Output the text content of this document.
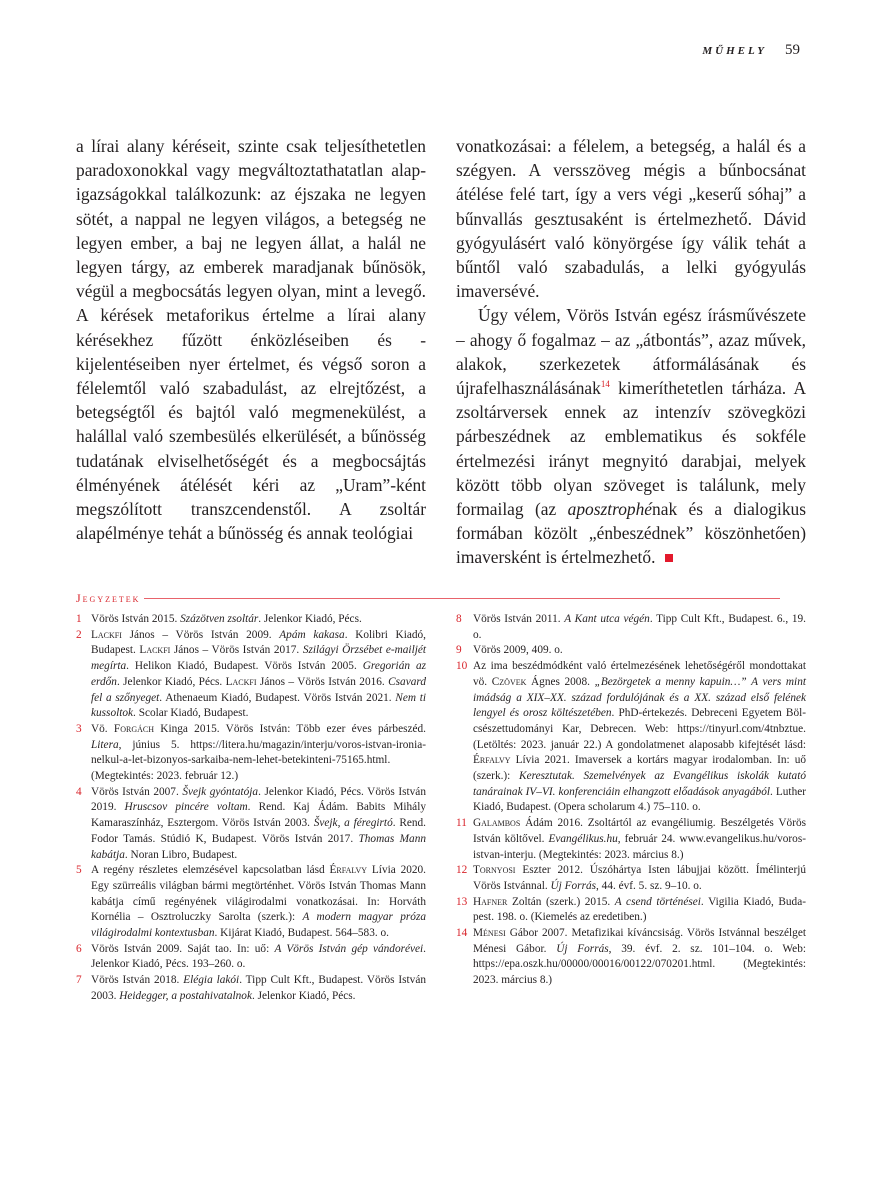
MŰHELY 59

a lírai alany kéréseit, szinte csak teljesíthetetlen paradoxonokkal vagy megváltoztathatatlan alapigazságokkal találkozunk: az éjszaka ne legyen sötét, a nappal ne legyen világos, a betegség ne legyen ember, a baj ne legyen állat, a halál ne legyen tárgy, az emberek maradjanak bűnösök, végül a megbocsátás legyen olyan, mint a levegő. A kérések metaforikus értelme a lírai alany kérésekhez fűzött énközléseiben és -kijelentéseiben nyer értelmet, és végső soron a félelemtől való szabadulást, az elrejtőzést, a betegségtől és bajtól való megmenekülést, a halállal való szembesülés elkerülését, a bűnösség tudatának elviselhetőségét és a megbocsájtás élményének átélését kéri az „Uram”-ként megszólított transzcendenstől. A zsoltár alapélménye tehát a bűnösség és annak teológiai

vonatkozásai: a félelem, a betegség, a halál és a szégyen. A versszöveg mégis a bűnbocsánat átélése felé tart, így a vers végi „keserű sóhaj” a bűnvallás gesztusaként is értelmezhető. Dávid gyógyulásért való könyörgése így válik tehát a bűntől való szabadulás, a lelki gyógyulás imaversévé.

Úgy vélem, Vörös István egész írásművészete – ahogy ő fogalmaz – az „átbontás”, azaz művek, alakok, szerkezetek átformálásának és újrafelhasználásának$^{14}$ kimeríthetetlen tárháza. A zsoltárversek ennek az intenzív szövegközi párbeszédnek az emblematikus és sokféle értelmezési irányt megnyitó darabjai, melyek között több olyan szöveget is találunk, mely formailag (az aposztrophénak és a dialogikus formában közölt „énbeszédnek” köszönhetően) imaversként is értelmezhető.

Jegyzetek
1 Vörös István 2015. Százötven zsoltár. Jelenkor Kiadó, Pécs.
2 Lackfi János – Vörös István 2009. Apám kakasa. Kolibri Kiadó, Budapest. Lackfi János – Vörös István 2017. Szilágyi Örzsébet e-mailjét megírta. Helikon Kiadó, Budapest. Vörös István 2005. Gregorián az erdőn. Jelenkor Kiadó, Pécs. Lackfi János – Vörös István 2016. Csavard fel a szőnyeget. Athenaeum Kiadó, Budapest. Vörös István 2021. Nem ti kussoltok. Scolar Kiadó, Budapest.
3 Vö. Forgách Kinga 2015. Vörös István: Több ezer éves párbeszéd. Litera, június 5. https://litera.hu/magazin/interju/voros-istvan-ironia-nelkul-a-let-bizonyos-sarkaiba-nem-lehet-betekinteni-75165.html. (Megtekintés: 2023. február 12.)
4 Vörös István 2007. Švejk gyóntatója. Jelenkor Kiadó, Pécs. Vörös István 2019. Hruscsov pincére voltam. Rend. Kaj Ádám. Babits Mihály Kamaraszínház, Esztergom. Vörös István 2003. Švejk, a féregirtó. Rend. Fodor Tamás. Stúdió K, Budapest. Vörös István 2017. Thomas Mann kabátja. Noran Libro, Budapest.
5 A regény részletes elemzésével kapcsolatban lásd Érfalvy Lívia 2020. Egy szürreális világban bármi megtörténhet. Vörös István Thomas Mann kabátja című regényének világirodalmi vonatkozásai. In: Horváth Kornélia – Osztroluczky Sarolta (szerk.): A modern magyar próza világirodalmi kontextusban. Kijárat Kiadó, Budapest. 564–583. o.
6 Vörös István 2009. Saját tao. In: uő: A Vörös István gép vándorévei. Jelenkor Kiadó, Pécs. 193–260. o.
7 Vörös István 2018. Elégia lakói. Tipp Cult Kft., Budapest. Vörös István 2003. Heidegger, a postahivatalnok. Jelenkor Kiadó, Pécs.
8	Vörös István 2011. A Kant utca végén. Tipp Cult Kft., Budapest. 6., 19. o.
9	Vörös 2009, 409. o.
10 Az ima beszédmódként való értelmezésének lehetőségéről mondottakat vö. Czövek Ágnes 2008. „Bezörgetek a menny kapuin…” A vers mint imádság a XIX–XX. század fordulójának és a XX. század első felének lengyel és orosz költészetében. PhD-értekezés. Debreceni Egyetem Bölcsészettudományi Kar, Debrecen. Web: https://tinyurl.com/4tnbztue. (Letöltés: 2023. január 22.) A gondolatmenet alaposabb kifejtését lásd: Érfalvy Lívia 2021. Imaversek a kortárs magyar irodalomban. In: uő (szerk.): Keresztutak. Szemelvények az Evangélikus iskolák kutató tanárainak IV–VI. konferenciáin elhangzott előadások anyagából. Luther Kiadó, Budapest. (Opera scholarum 4.) 75–110. o.
11 Galambos Ádám 2016. Zsoltártól az evangéliumig. Beszélgetés Vörös István költővel. Evangélikus.hu, február 24. www.evangelikus.hu/voros-istvan-interju. (Megtekintés: 2023. március 8.)
12 Tornyosi Eszter 2012. Úszóhártya Isten lábujjai között. Ímélinterjú Vörös Istvánnal. Új Forrás, 44. évf. 5. sz. 9–10. o.
13 Hafner Zoltán (szerk.) 2015. A csend történései. Vigilia Kiadó, Budapest. 198. o. (Kiemelés az eredetiben.)
14 Ménesi Gábor 2007. Metafizikai kíváncsiság. Vörös Istvánnal beszélget Ménesi Gábor. Új Forrás, 39. évf. 2. sz. 101–104. o. Web: https://epa.oszk.hu/00000/00016/00122/070201.html. (Megtekintés: 2023. március 8.)
